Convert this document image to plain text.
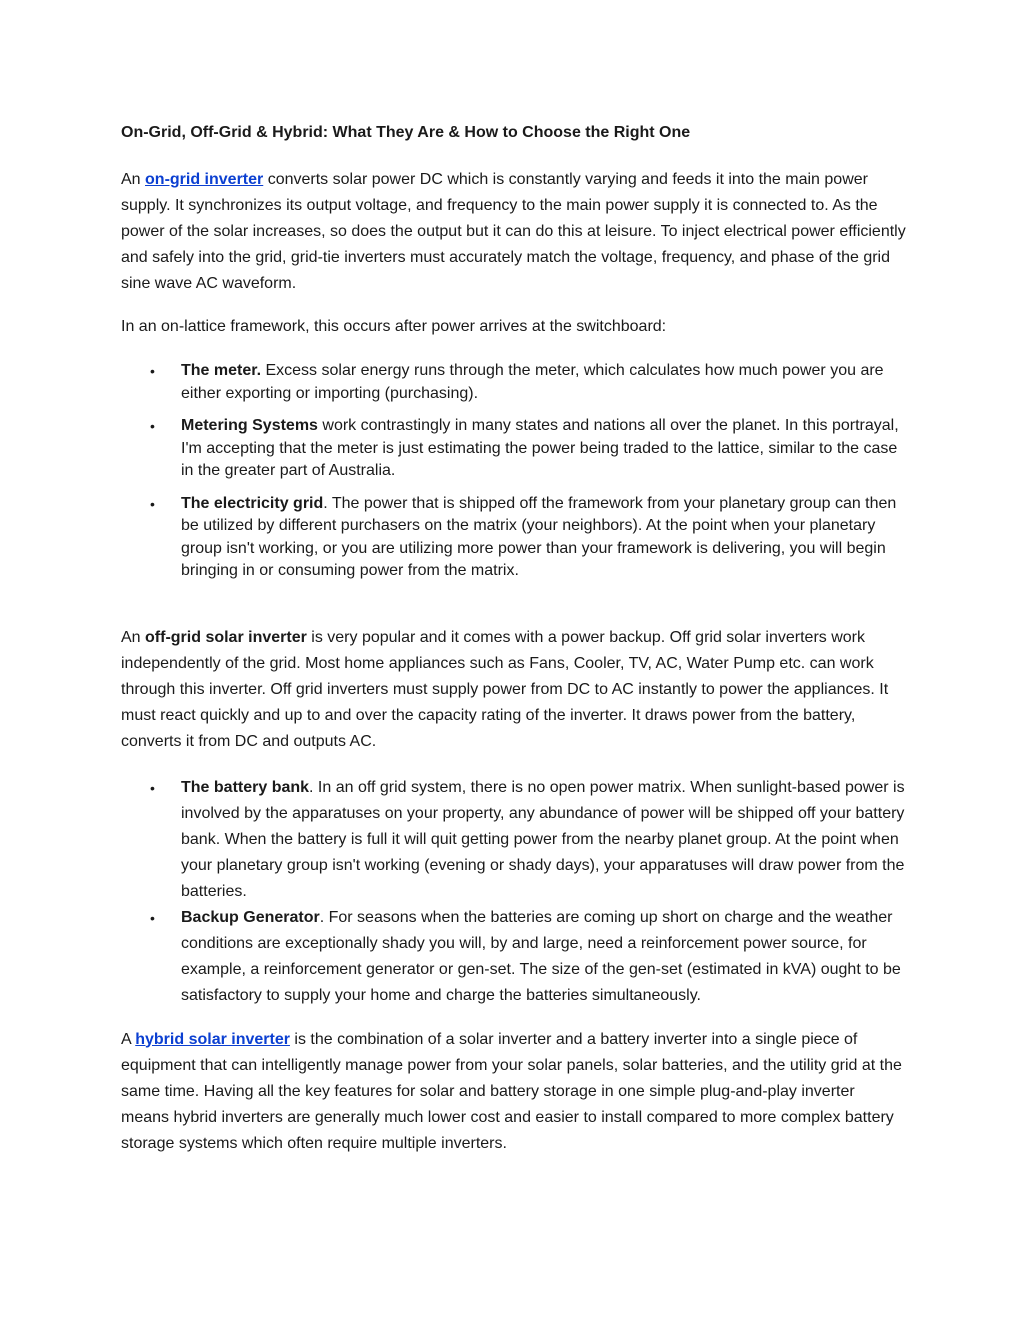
On-Grid, Off-Grid & Hybrid: What They Are & How to Choose the Right One

An on-grid inverter converts solar power DC which is constantly varying and feeds it into the main power supply. It synchronizes its output voltage, and frequency to the main power supply it is connected to. As the power of the solar increases, so does the output but it can do this at leisure. To inject electrical power efficiently and safely into the grid, grid-tie inverters must accurately match the voltage, frequency, and phase of the grid sine wave AC waveform.

In an on-lattice framework, this occurs after power arrives at the switchboard:

• The meter. Excess solar energy runs through the meter, which calculates how much power you are either exporting or importing (purchasing).
• Metering Systems work contrastingly in many states and nations all over the planet. In this portrayal, I'm accepting that the meter is just estimating the power being traded to the lattice, similar to the case in the greater part of Australia.
• The electricity grid. The power that is shipped off the framework from your planetary group can then be utilized by different purchasers on the matrix (your neighbors). At the point when your planetary group isn't working, or you are utilizing more power than your framework is delivering, you will begin bringing in or consuming power from the matrix.

An off-grid solar inverter is very popular and it comes with a power backup. Off grid solar inverters work independently of the grid. Most home appliances such as Fans, Cooler, TV, AC, Water Pump etc. can work through this inverter. Off grid inverters must supply power from DC to AC instantly to power the appliances. It must react quickly and up to and over the capacity rating of the inverter. It draws power from the battery, converts it from DC and outputs AC.

• The battery bank. In an off grid system, there is no open power matrix. When sunlight-based power is involved by the apparatuses on your property, any abundance of power will be shipped off your battery bank. When the battery is full it will quit getting power from the nearby planet group. At the point when your planetary group isn't working (evening or shady days), your apparatuses will draw power from the batteries.
• Backup Generator. For seasons when the batteries are coming up short on charge and the weather conditions are exceptionally shady you will, by and large, need a reinforcement power source, for example, a reinforcement generator or gen-set. The size of the gen-set (estimated in kVA) ought to be satisfactory to supply your home and charge the batteries simultaneously.

A hybrid solar inverter is the combination of a solar inverter and a battery inverter into a single piece of equipment that can intelligently manage power from your solar panels, solar batteries, and the utility grid at the same time. Having all the key features for solar and battery storage in one simple plug-and-play inverter means hybrid inverters are generally much lower cost and easier to install compared to more complex battery storage systems which often require multiple inverters.
